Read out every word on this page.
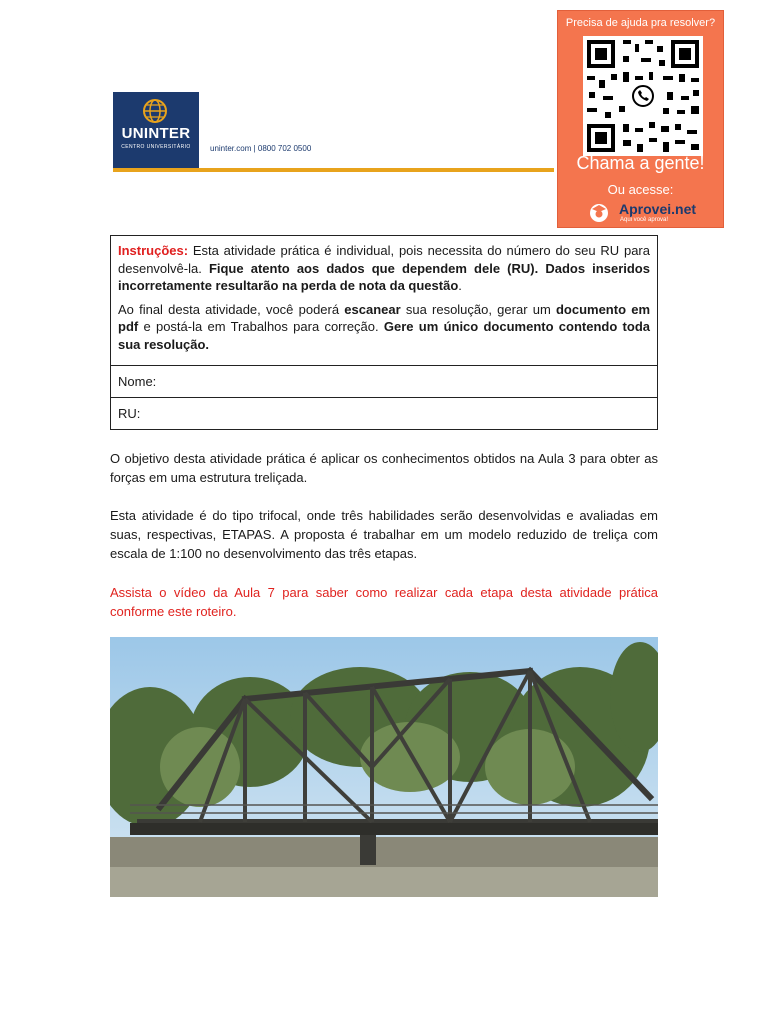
UNINTER
CENTRO UNIVERSITÁRIO	uninter.com | 0800 702 0500
Precisa de ajuda pra resolver?
Chama a gente!
Ou acesse:
Aprovei.net
Aqui você aprova!

Instruções: Esta atividade prática é individual, pois necessita do número do seu RU para desenvolvê-la. Fique atento aos dados que dependem dele (RU). Dados inseridos incorretamente resultarão na perda de nota da questão.

Ao final desta atividade, você poderá escanear sua resolução, gerar um documento em pdf e postá-la em Trabalhos para correção. Gere um único documento contendo toda sua resolução.

Nome:
RU:

O objetivo desta atividade prática é aplicar os conhecimentos obtidos na Aula 3 para obter as forças em uma estrutura treliçada.

Esta atividade é do tipo trifocal, onde três habilidades serão desenvolvidas e avaliadas em suas, respectivas, ETAPAS. A proposta é trabalhar em um modelo reduzido de treliça com escala de 1:100 no desenvolvimento das três etapas.

Assista o vídeo da Aula 7 para saber como realizar cada etapa desta atividade prática conforme este roteiro.
